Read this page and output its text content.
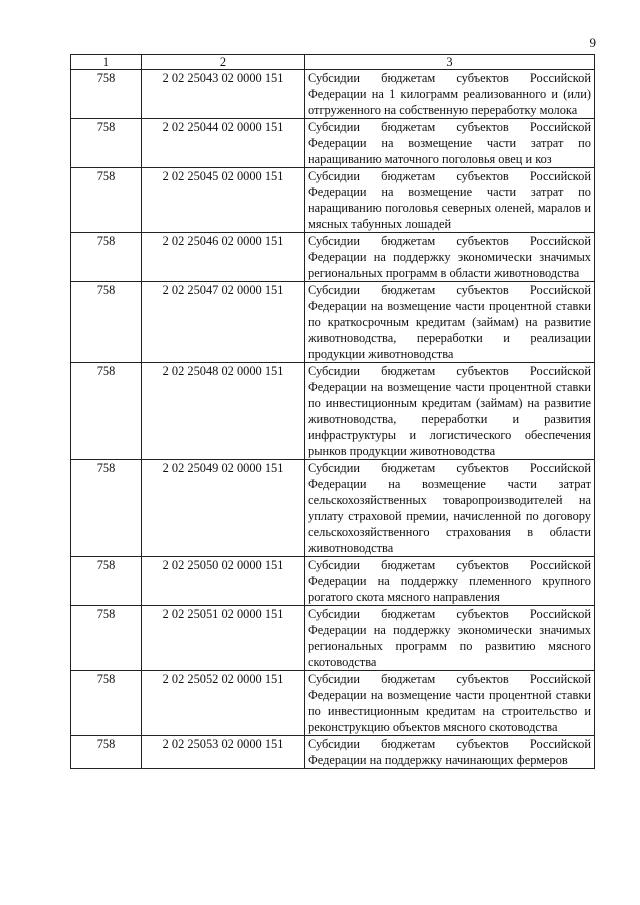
9
1	2	3
758	2 02 25043 02 0000 151	Субсидии бюджетам субъектов Российской Федерации на 1 килограмм реализованного и (или) отгруженного на собственную переработку молока
758	2 02 25044 02 0000 151	Субсидии бюджетам субъектов Российской Федерации на возмещение части затрат по наращиванию маточного поголовья овец и коз
758	2 02 25045 02 0000 151	Субсидии бюджетам субъектов Российской Федерации на возмещение части затрат по наращиванию поголовья северных оленей, маралов и мясных табунных лошадей
758	2 02 25046 02 0000 151	Субсидии бюджетам субъектов Российской Федерации на поддержку экономически значимых региональных программ в области животноводства
758	2 02 25047 02 0000 151	Субсидии бюджетам субъектов Российской Федерации на возмещение части процентной ставки по краткосрочным кредитам (займам) на развитие животноводства, переработки и реализации продукции животноводства
758	2 02 25048 02 0000 151	Субсидии бюджетам субъектов Российской Федерации на возмещение части процентной ставки по инвестиционным кредитам (займам) на развитие животноводства, переработки и развития инфраструктуры и логистического обеспечения рынков продукции животноводства
758	2 02 25049 02 0000 151	Субсидии бюджетам субъектов Российской Федерации на возмещение части затрат сельскохозяйственных товаропроизводителей на уплату страховой премии, начисленной по договору сельскохозяйственного страхования в области животноводства
758	2 02 25050 02 0000 151	Субсидии бюджетам субъектов Российской Федерации на поддержку племенного крупного рогатого скота мясного направления
758	2 02 25051 02 0000 151	Субсидии бюджетам субъектов Российской Федерации на поддержку экономически значимых региональных программ по развитию мясного скотоводства
758	2 02 25052 02 0000 151	Субсидии бюджетам субъектов Российской Федерации на возмещение части процентной ставки по инвестиционным кредитам на строительство и реконструкцию объектов мясного скотоводства
758	2 02 25053 02 0000 151	Субсидии бюджетам субъектов Российской Федерации на поддержку начинающих фермеров
